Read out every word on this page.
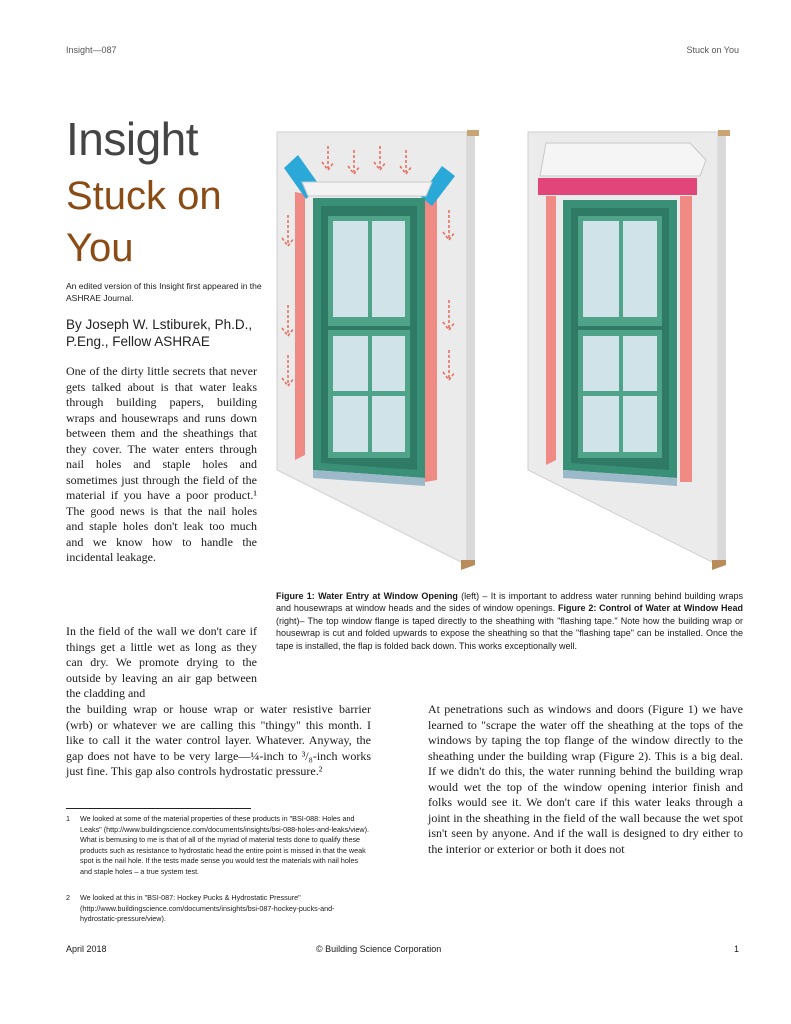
Insight—087	Stuck on You
Insight
Stuck on You
An edited version of this Insight first appeared in the ASHRAE Journal.
By Joseph W. Lstiburek, Ph.D., P.Eng., Fellow ASHRAE
One of the dirty little secrets that never gets talked about is that water leaks through building papers, building wraps and housewraps and runs down between them and the sheathings that they cover. The water enters through nail holes and staple holes and sometimes just through the field of the material if you have a poor product.¹ The good news is that the nail holes and staple holes don't leak too much and we know how to handle the incidental leakage.
In the field of the wall we don't care if things get a little wet as long as they can dry. We promote drying to the outside by leaving an air gap between the cladding and
the building wrap or house wrap or water resistive barrier (wrb) or whatever we are calling this "thingy" this month. I like to call it the water control layer. Whatever. Anyway, the gap does not have to be very large—¼-inch to ³/₈-inch works just fine. This gap also controls hydrostatic pressure.²
At penetrations such as windows and doors (Figure 1) we have learned to "scrape the water off the sheathing at the tops of the windows by taping the top flange of the window directly to the sheathing under the building wrap (Figure 2). This is a big deal. If we didn't do this, the water running behind the building wrap would wet the top of the window opening interior finish and folks would see it. We don't care if this water leaks through a joint in the sheathing in the field of the wall because the wet spot isn't seen by anyone. And if the wall is designed to dry either to the interior or exterior or both it does not
Figure 1: Water Entry at Window Opening (left) – It is important to address water running behind building wraps and housewraps at window heads and the sides of window openings. Figure 2: Control of Water at Window Head (right)– The top window flange is taped directly to the sheathing with "flashing tape." Note how the building wrap or housewrap is cut and folded upwards to expose the sheathing so that the "flashing tape" can be installed. Once the tape is installed, the flap is folded back down. This works exceptionally well.
1 We looked at some of the material properties of these products in "BSI-088: Holes and Leaks" (http://www.buildingscience.com/documents/insights/bsi-088-holes-and-leaks/view). What is bemusing to me is that of all of the myriad of material tests done to qualify these products such as resistance to hydrostatic head the entire point is missed in that the weak spot is the nail hole. If the tests made sense you would test the materials with nail holes and staple holes – a true system test.
2 We looked at this in "BSI-087: Hockey Pucks & Hydrostatic Pressure" (http://www.buildingscience.com/documents/insights/bsi-087-hockey-pucks-and-hydrostatic-pressure/view).
April 2018	© Building Science Corporation	1
